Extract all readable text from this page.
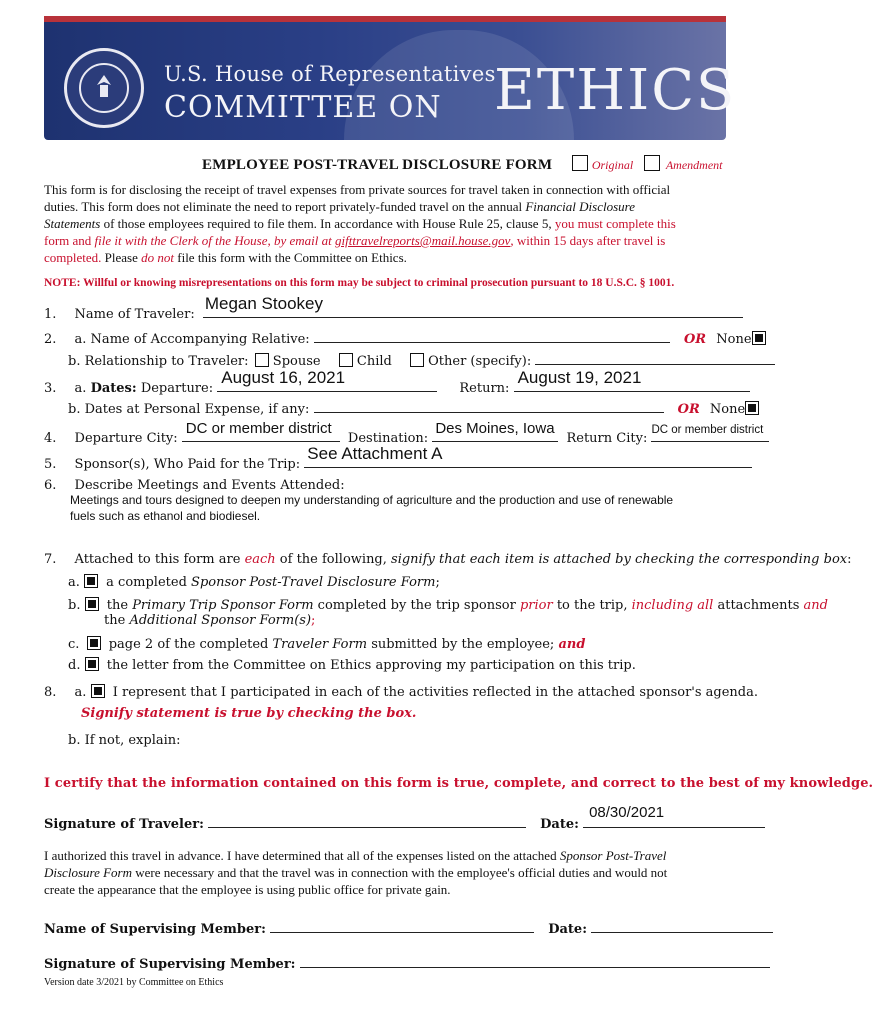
U.S. House of Representatives
COMMITTEE ON ETHICS
EMPLOYEE POST-TRAVEL DISCLOSURE FORM	Original	Amendment
This form is for disclosing the receipt of travel expenses from private sources for travel taken in connection with official
duties. This form does not eliminate the need to report privately-funded travel on the annual Financial Disclosure
Statements of those employees required to file them. In accordance with House Rule 25, clause 5, you must complete this
form and file it with the Clerk of the House, by email at gifttravelreports@mail.house.gov, within 15 days after travel is
completed. Please do not file this form with the Committee on Ethics.
NOTE: Willful or knowing misrepresentations on this form may be subject to criminal prosecution pursuant to 18 U.S.C. § 1001.
1. Name of Traveler:
Megan Stookey
2. a. Name of Accompanying Relative:	OR None
b. Relationship to Traveler: Spouse	Child	Other (specify):
3. a. Dates: Departure:
August 16, 2021
Return:
August 19, 2021
b. Dates at Personal Expense, if any:	OR None
4. Departure City:
DC or member district
Destination:
Des Moines, Iowa
Return City:
DC or member district
5. Sponsor(s), Who Paid for the Trip:
See Attachment A
6. Describe Meetings and Events Attended:
Meetings and tours designed to deepen my understanding of agriculture and the production and use of renewable
fuels such as ethanol and biodiesel.
7. Attached to this form are each of the following, signify that each item is attached by checking the corresponding box:
a. a completed Sponsor Post-Travel Disclosure Form;
b. the Primary Trip Sponsor Form completed by the trip sponsor prior to the trip, including all attachments and
the Additional Sponsor Form(s);
c. page 2 of the completed Traveler Form submitted by the employee; and
d. the letter from the Committee on Ethics approving my participation on this trip.
8. a. I represent that I participated in each of the activities reflected in the attached sponsor's agenda.
Signify statement is true by checking the box.
b. If not, explain:
I certify that the information contained on this form is true, complete, and correct to the best of my knowledge.
Signature of Traveler:	Date:
08/30/2021
I authorized this travel in advance. I have determined that all of the expenses listed on the attached Sponsor Post-Travel
Disclosure Form were necessary and that the travel was in connection with the employee's official duties and would not
create the appearance that the employee is using public office for private gain.
Name of Supervising Member:	Date:
Signature of Supervising Member:
Version date 3/2021 by Committee on Ethics
